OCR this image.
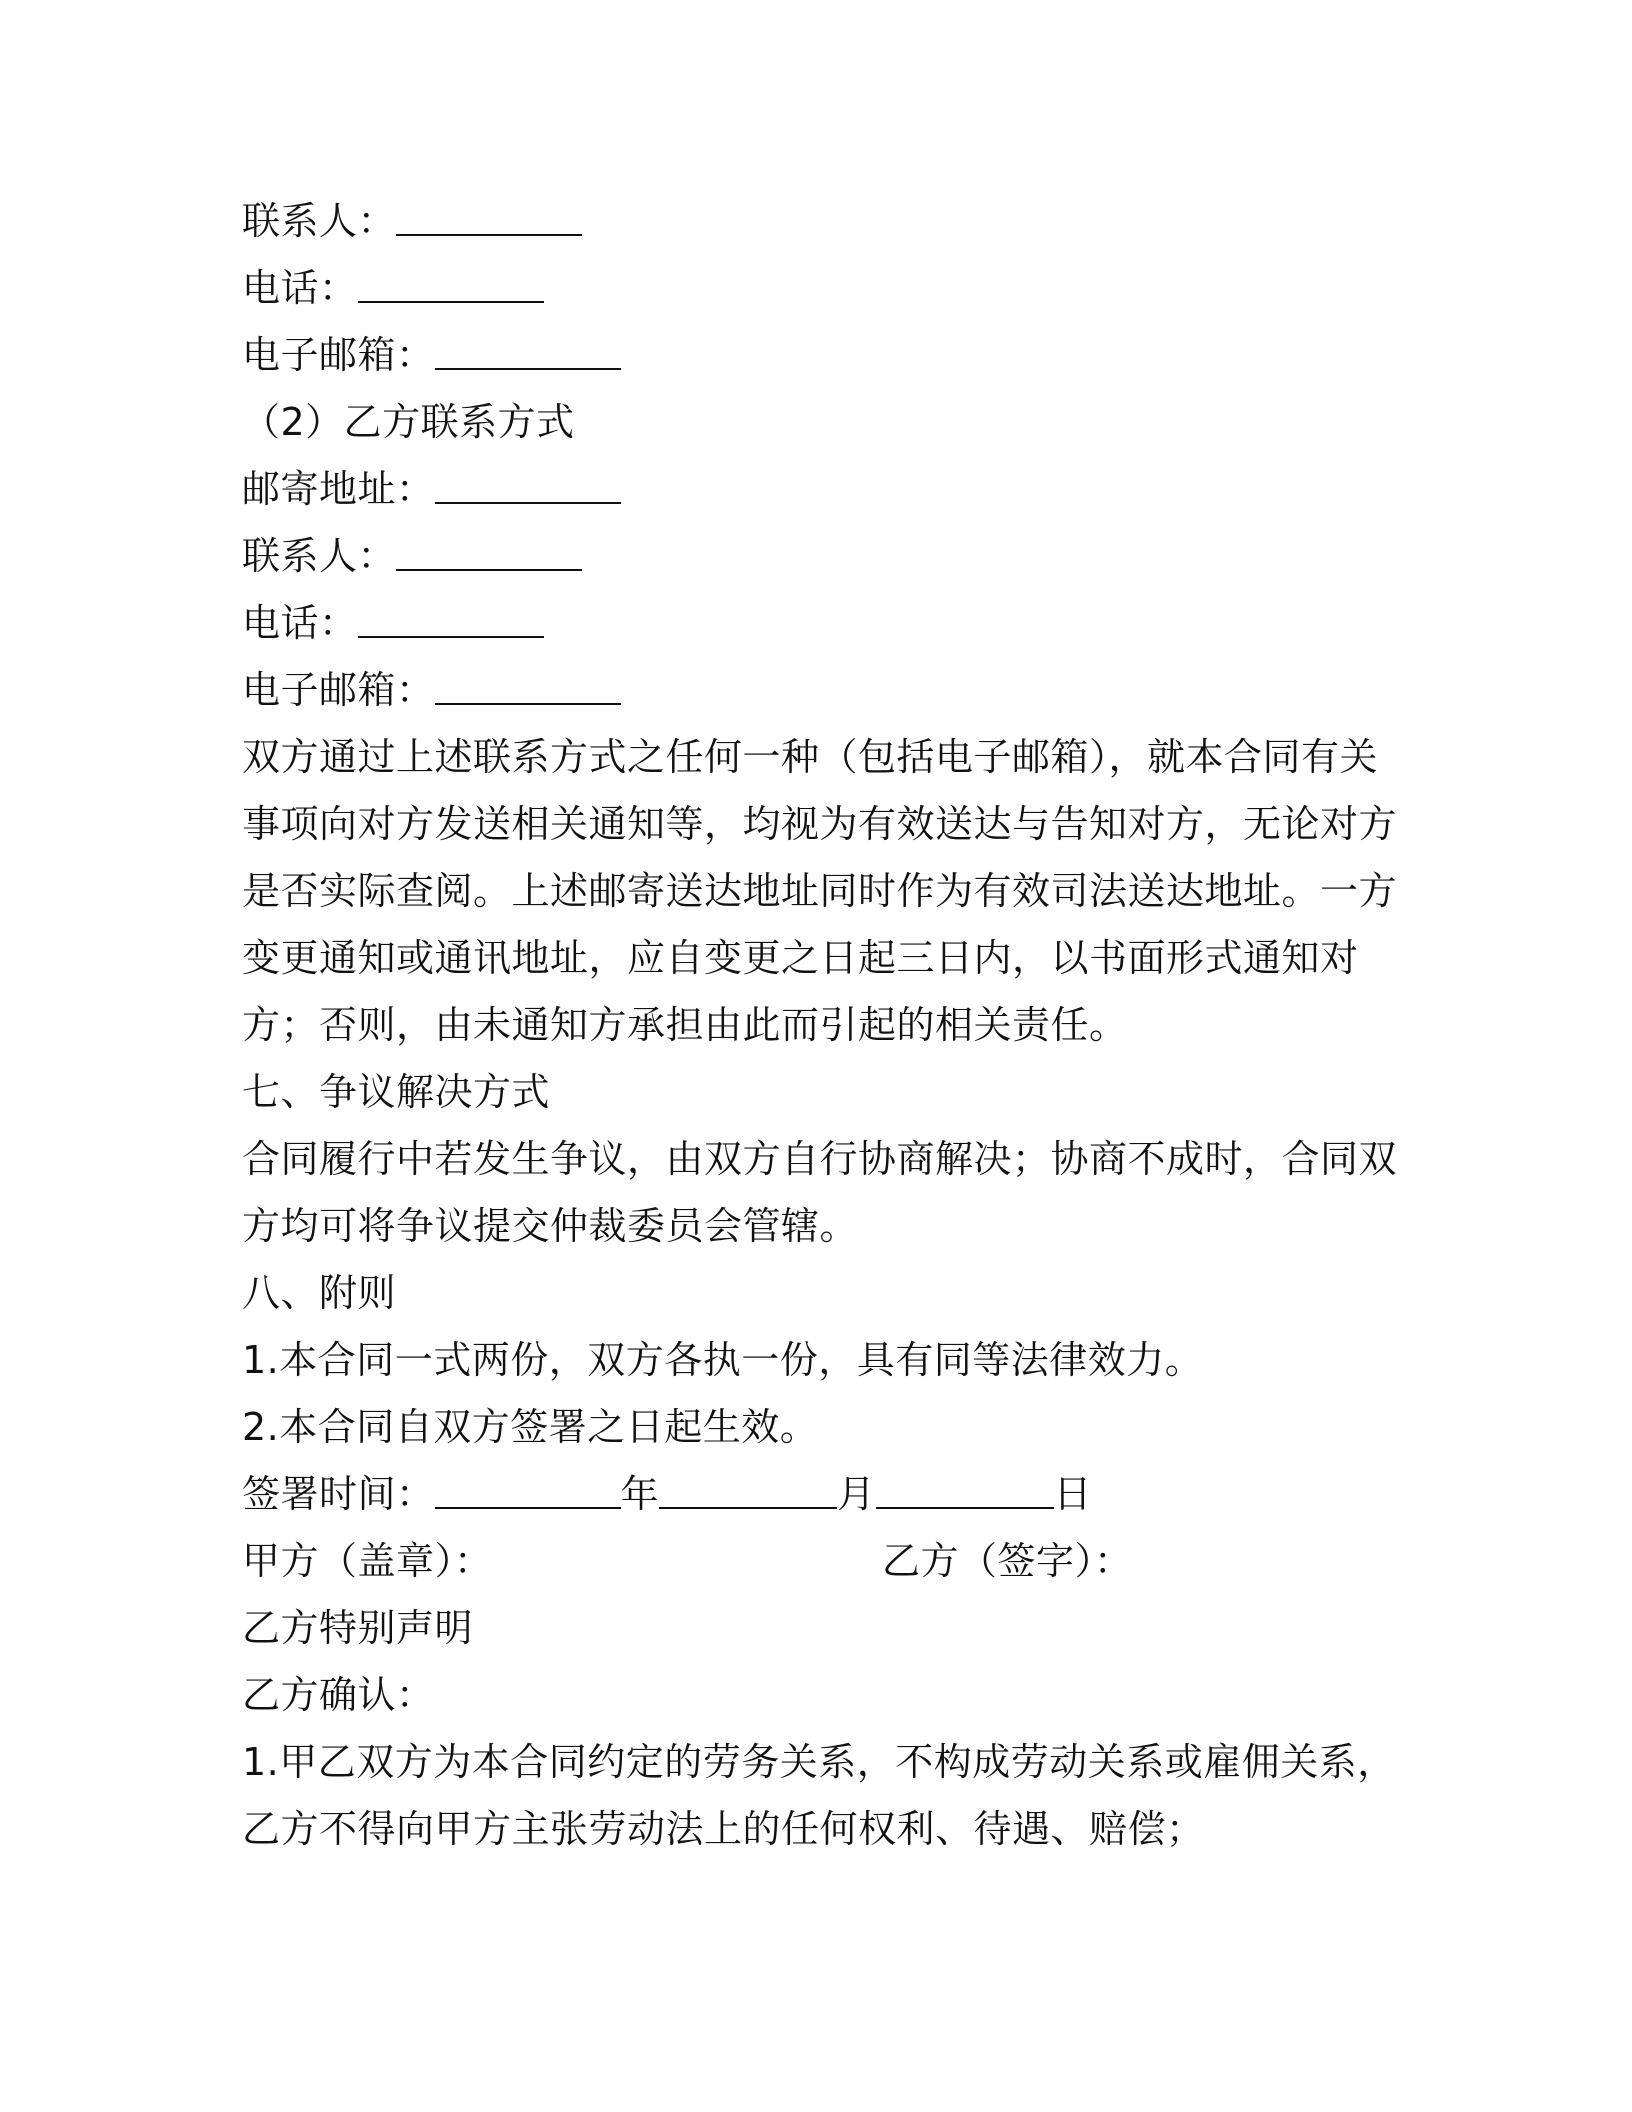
联系人：
电话：
电子邮箱：
（2）乙方联系方式
邮寄地址：
联系人：
电话：
电子邮箱：
双方通过上述联系方式之任何一种（包括电子邮箱），就本合同有关
事项向对方发送相关通知等，均视为有效送达与告知对方，无论对方
是否实际查阅。上述邮寄送达地址同时作为有效司法送达地址。一方
变更通知或通讯地址，应自变更之日起三日内，以书面形式通知对
方；否则，由未通知方承担由此而引起的相关责任。
七、争议解决方式
合同履行中若发生争议，由双方自行协商解决；协商不成时，合同双
方均可将争议提交仲裁委员会管辖。
八、附则
1.本合同一式两份，双方各执一份，具有同等法律效力。
2.本合同自双方签署之日起生效。
签署时间：	年	月	日
甲方（盖章）：	乙方（签字）：
乙方特别声明
乙方确认：
1.甲乙双方为本合同约定的劳务关系，不构成劳动关系或雇佣关系，
乙方不得向甲方主张劳动法上的任何权利、待遇、赔偿；
